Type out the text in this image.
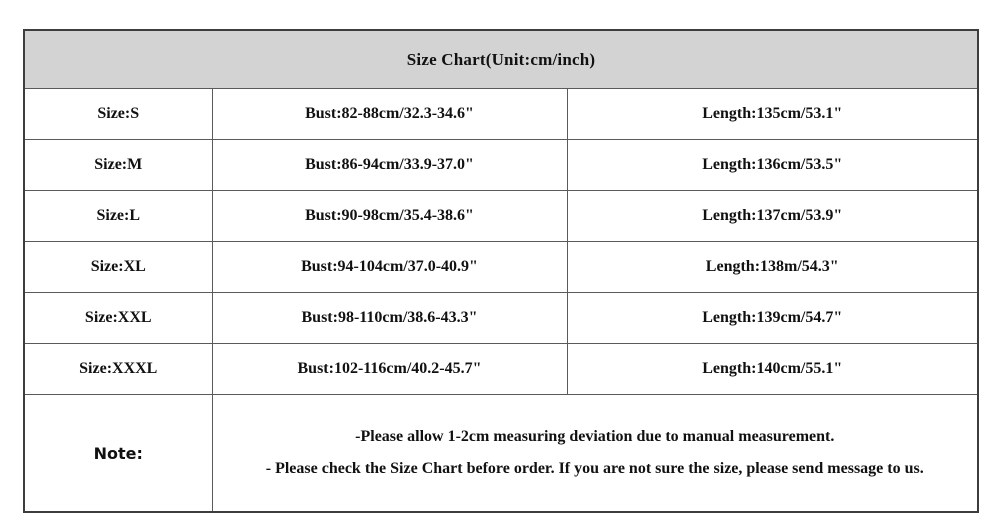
Size Chart(Unit:cm/inch)		
Size:S	Bust:82-88cm/32.3-34.6"	Length:135cm/53.1"
Size:M	Bust:86-94cm/33.9-37.0"	Length:136cm/53.5"
Size:L	Bust:90-98cm/35.4-38.6"	Length:137cm/53.9"
Size:XL	Bust:94-104cm/37.0-40.9"	Length:138m/54.3"
Size:XXL	Bust:98-110cm/38.6-43.3"	Length:139cm/54.7"
Size:XXXL	Bust:102-116cm/40.2-45.7"	Length:140cm/55.1"
Note:	-Please allow 1-2cm measuring deviation due to manual measurement.
- Please check the Size Chart before order. If you are not sure the size, please send message to us.	
